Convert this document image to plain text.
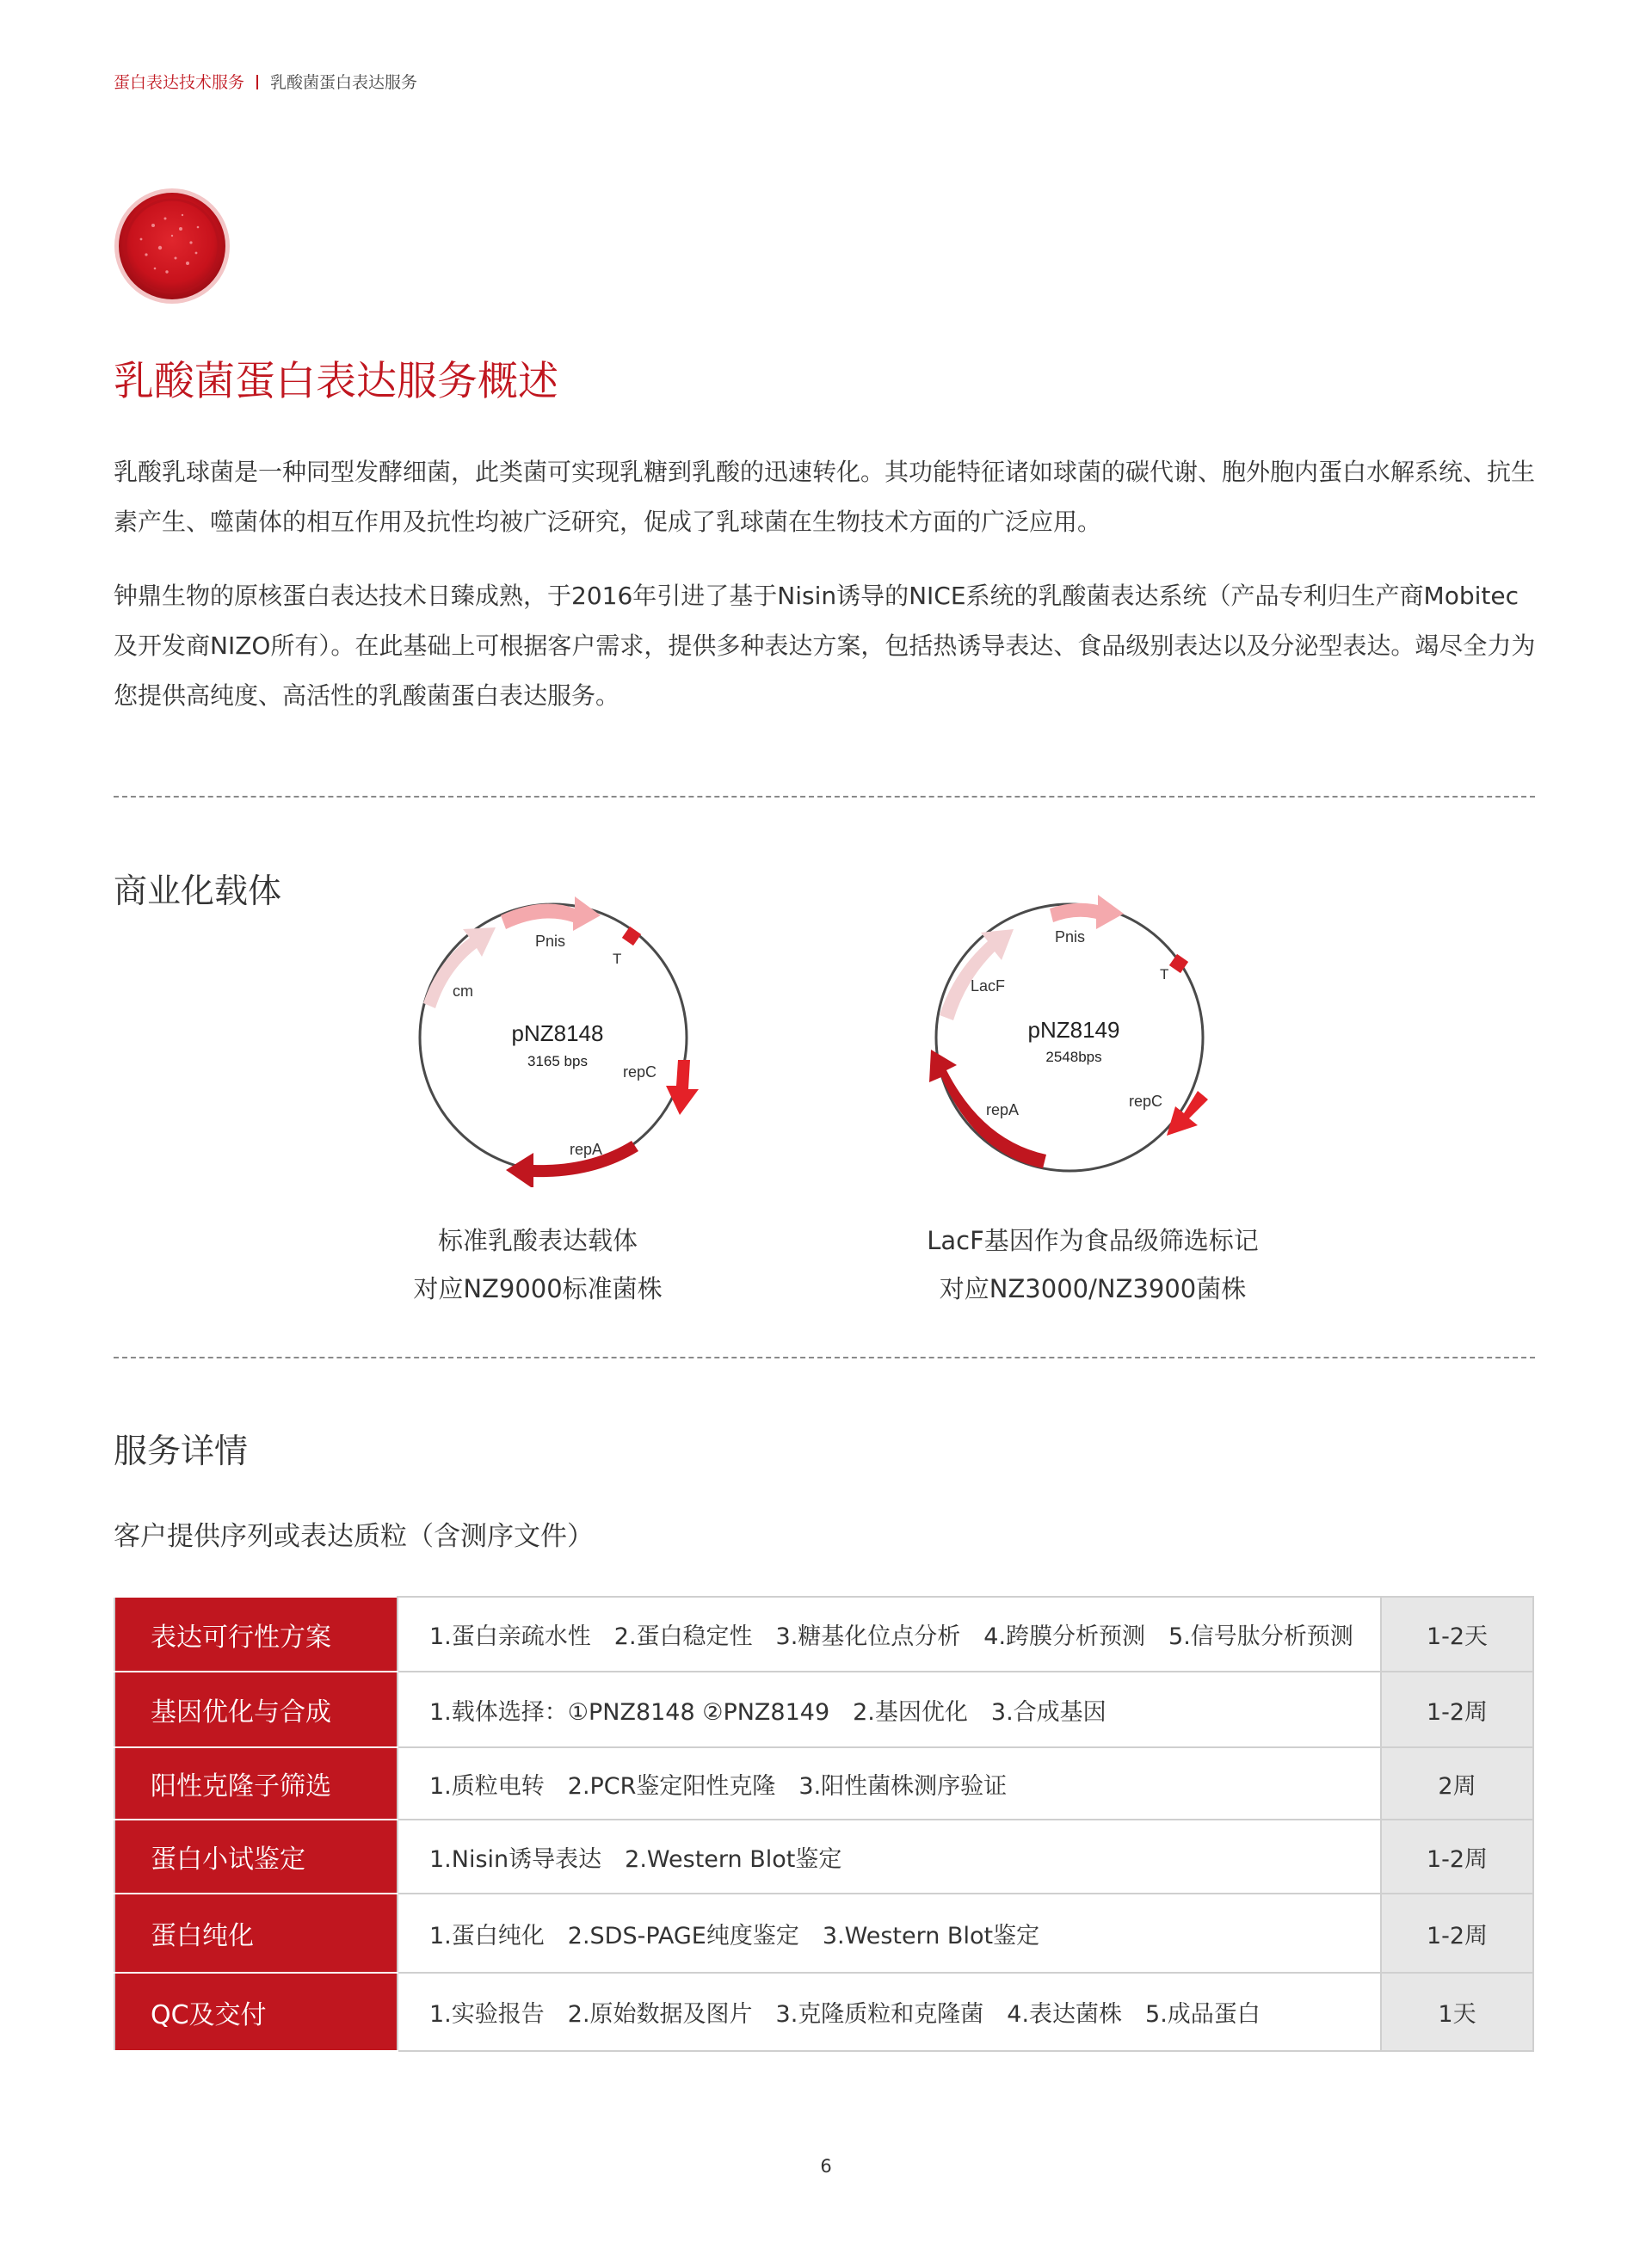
蛋白表达技术服务 乳酸菌蛋白表达服务
乳酸菌蛋白表达服务概述

乳酸乳球菌是一种同型发酵细菌，此类菌可实现乳糖到乳酸的迅速转化。其功能特征诸如球菌的碳代谢、胞外胞内蛋白水解系统、抗生素产生、噬菌体的相互作用及抗性均被广泛研究，促成了乳球菌在生物技术方面的广泛应用。

钟鼎生物的原核蛋白表达技术日臻成熟，于2016年引进了基于Nisin诱导的NICE系统的乳酸菌表达系统（产品专利归生产商Mobitec及开发商NIZO所有）。在此基础上可根据客户需求，提供多种表达方案，包括热诱导表达、食品级别表达以及分泌型表达。竭尽全力为您提供高纯度、高活性的乳酸菌蛋白表达服务。

商业化载体
Pnis
T
cm
repC
repA
pNZ8148
3165 bps
Pnis
T
LacF
repC
repA
pNZ8149
2548bps
标准乳酸表达载体
对应NZ9000标准菌株
LacF基因作为食品级筛选标记
对应NZ3000/NZ3900菌株
服务详情

客户提供序列或表达质粒（含测序文件）

表达可行性方案	1.蛋白亲疏水性　2.蛋白稳定性　3.糖基化位点分析　4.跨膜分析预测　5.信号肽分析预测	1-2天
基因优化与合成	1.载体选择：①PNZ8148 ②PNZ8149　2.基因优化　3.合成基因	1-2周
阳性克隆子筛选	1.质粒电转　2.PCR鉴定阳性克隆　3.阳性菌株测序验证	2周
蛋白小试鉴定	1.Nisin诱导表达　2.Western Blot鉴定	1-2周
蛋白纯化	1.蛋白纯化　2.SDS-PAGE纯度鉴定　3.Western Blot鉴定	1-2周
QC及交付	1.实验报告　2.原始数据及图片　3.克隆质粒和克隆菌　4.表达菌株　5.成品蛋白	1天
6
